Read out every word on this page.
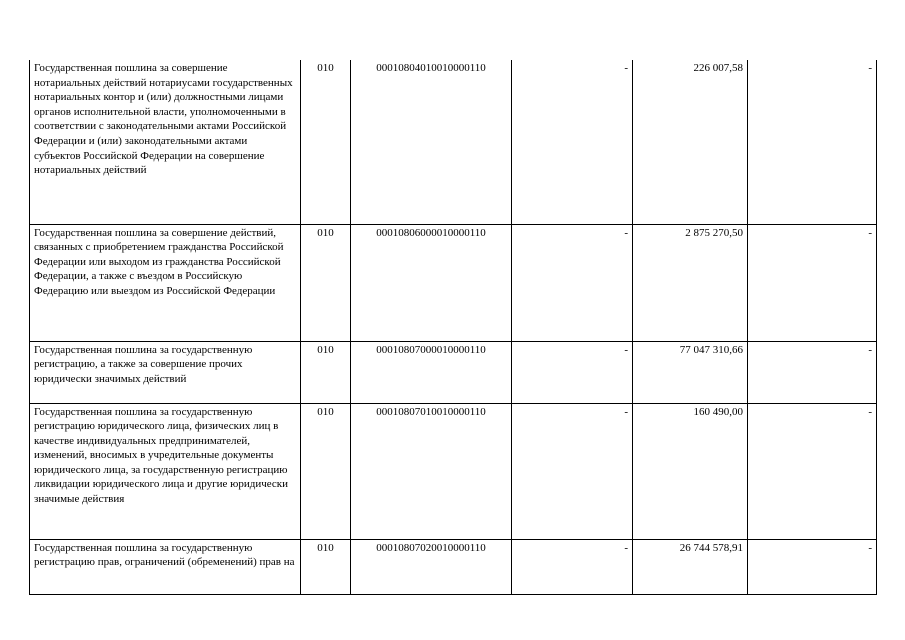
Государственная пошлина за совершение нотариальных действий нотариусами государственных нотариальных контор и (или) должностными лицами органов исполнительной власти, уполномоченными в соответствии с законодательными актами Российской Федерации и (или) законодательными актами субъектов Российской Федерации на совершение нотариальных действий	010	00010804010010000110	-	226 007,58	-
Государственная пошлина за совершение действий, связанных с приобретением гражданства Российской Федерации или выходом из гражданства Российской Федерации, а также с въездом в Российскую Федерацию или выездом из Российской Федерации	010	00010806000010000110	-	2 875 270,50	-
Государственная пошлина за государственную регистрацию, а также за совершение прочих юридически значимых действий	010	00010807000010000110	-	77 047 310,66	-
Государственная пошлина за государственную регистрацию юридического лица, физических лиц в качестве индивидуальных предпринимателей, изменений, вносимых в учредительные документы юридического лица, за государственную регистрацию ликвидации юридического лица и другие юридически значимые действия	010	00010807010010000110	-	160 490,00	-
Государственная пошлина за государственную регистрацию прав, ограничений (обременений) прав на	010	00010807020010000110	-	26 744 578,91	-
